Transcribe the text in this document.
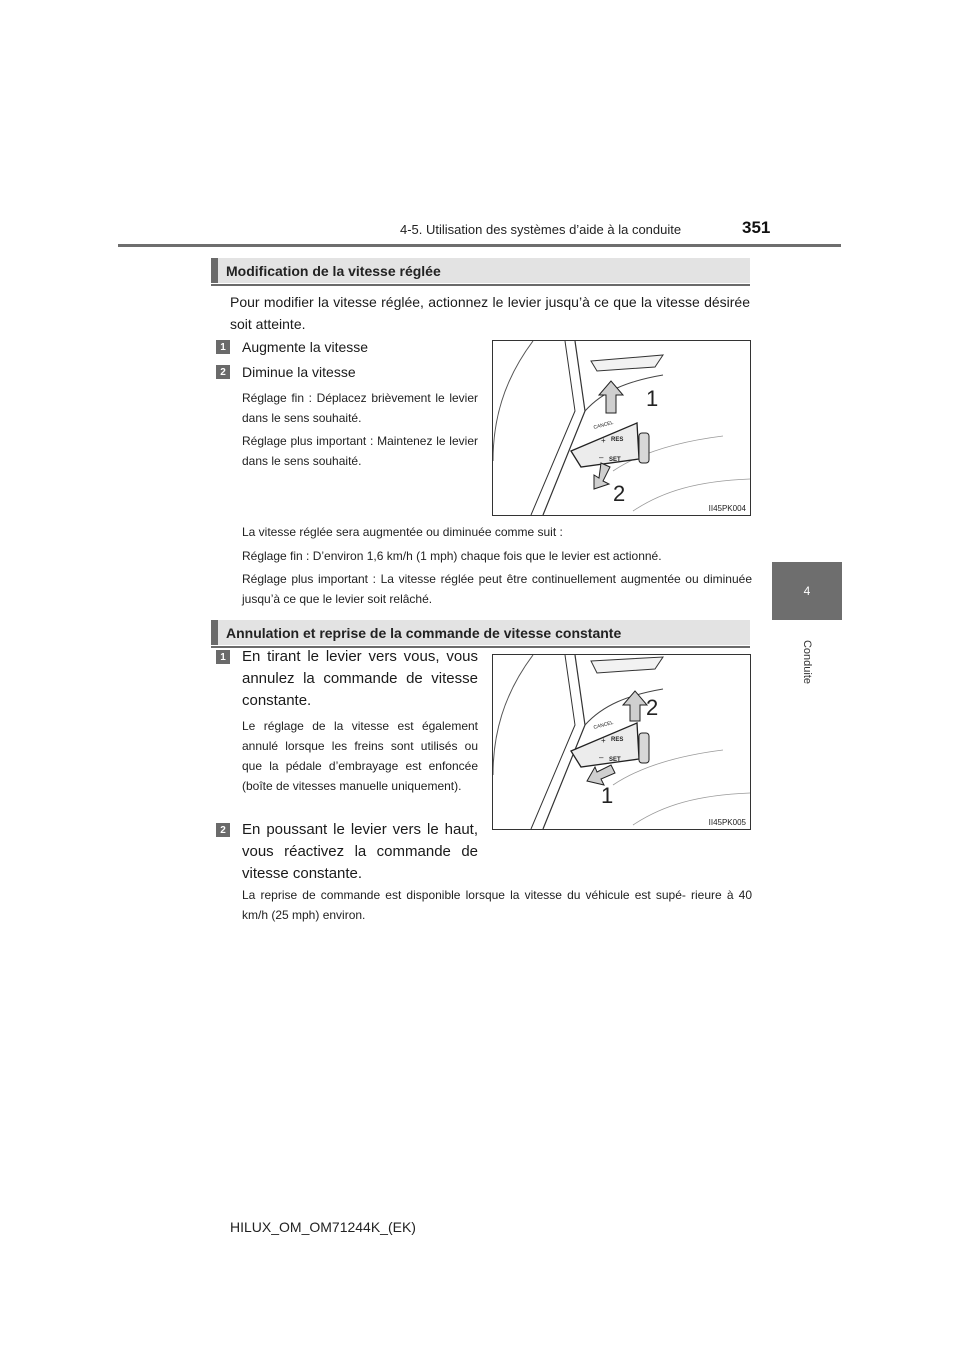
4-5. Utilisation des systèmes d’aide à la conduite	351
4
Conduite
Modification de la vitesse réglée
Pour modifier la vitesse réglée, actionnez le levier jusqu’à ce que la vitesse désirée soit atteinte.
1	Augmente la vitesse
2	Diminue la vitesse
Réglage fin : Déplacez brièvement le levier dans le sens souhaité.
Réglage plus important : Maintenez le levier dans le sens souhaité.
CANCEL
+ RES
– SET
1
2
II45PK004
La vitesse réglée sera augmentée ou diminuée comme suit :
Réglage fin : D’environ 1,6 km/h (1 mph) chaque fois que le levier est actionné.
Réglage plus important : La vitesse réglée peut être continuellement augmentée ou diminuée jusqu’à ce que le levier soit relâché.
Annulation et reprise de la commande de vitesse constante
1 En tirant le levier vers vous, vous annulez la commande de vitesse constante.
Le réglage de la vitesse est également annulé lorsque les freins sont utilisés ou que la pédale d’embrayage est enfoncée (boîte de vitesses manuelle uniquement).
2 En poussant le levier vers le haut, vous réactivez la commande de vitesse constante.
La reprise de commande est disponible lorsque la vitesse du véhicule est supé- rieure à 40 km/h (25 mph) environ.
CANCEL
+ RES
– SET
2
1
II45PK005
HILUX_OM_OM71244K_(EK)
